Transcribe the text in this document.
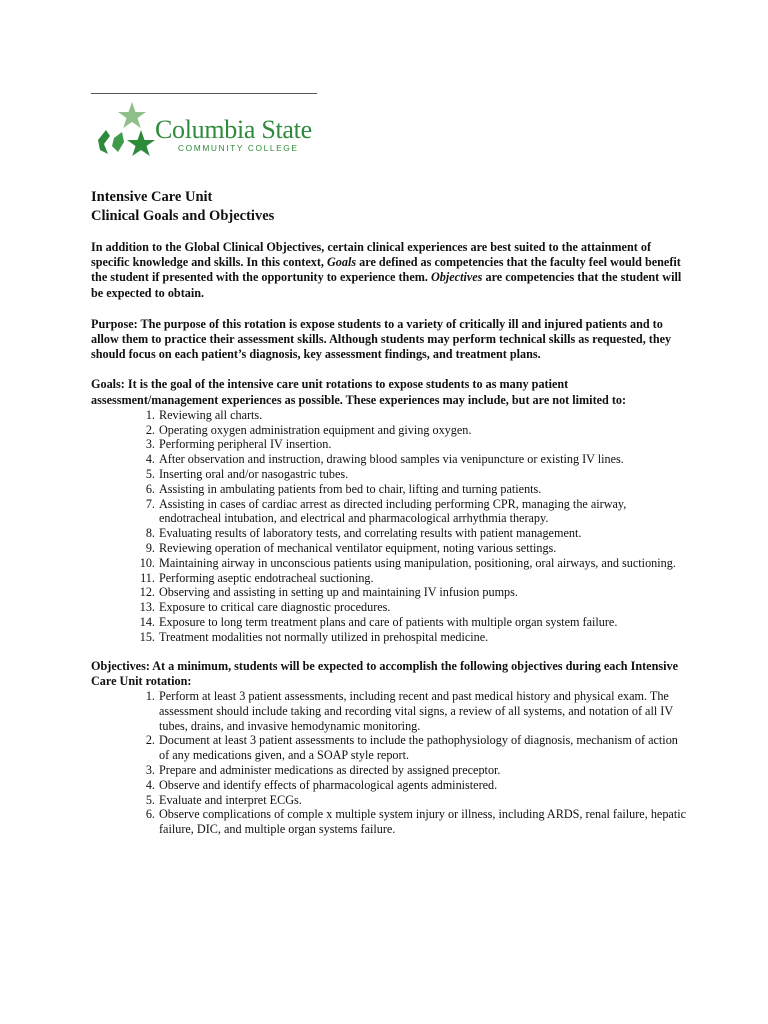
Columbia State
COMMUNITY COLLEGE
Intensive Care Unit
Clinical Goals and Objectives

In addition to the Global Clinical Objectives, certain clinical experiences are best suited to the attainment of specific knowledge and skills. In this context, Goals are defined as competencies that the faculty feel would benefit the student if presented with the opportunity to experience them. Objectives are competencies that the student will be expected to obtain.

Purpose: The purpose of this rotation is expose students to a variety of critically ill and injured patients and to allow them to practice their assessment skills. Although students may perform technical skills as requested, they should focus on each patient’s diagnosis, key assessment findings, and treatment plans.

Goals: It is the goal of the intensive care unit rotations to expose students to as many patient assessment/management experiences as possible. These experiences may include, but are not limited to:

1. Reviewing all charts.
2. Operating oxygen administration equipment and giving oxygen.
3. Performing peripheral IV insertion.
4. After observation and instruction, drawing blood samples via venipuncture or existing IV lines.
5. Inserting oral and/or nasogastric tubes.
6. Assisting in ambulating patients from bed to chair, lifting and turning patients.
7. Assisting in cases of cardiac arrest as directed including performing CPR, managing the airway, endotracheal intubation, and electrical and pharmacological arrhythmia therapy.
8. Evaluating results of laboratory tests, and correlating results with patient management.
9. Reviewing operation of mechanical ventilator equipment, noting various settings.
10. Maintaining airway in unconscious patients using manipulation, positioning, oral airways, and suctioning.
11. Performing aseptic endotracheal suctioning.
12. Observing and assisting in setting up and maintaining IV infusion pumps.
13. Exposure to critical care diagnostic procedures.
14. Exposure to long term treatment plans and care of patients with multiple organ system failure.
15. Treatment modalities not normally utilized in prehospital medicine.

Objectives: At a minimum, students will be expected to accomplish the following objectives during each Intensive Care Unit rotation:

1. Perform at least 3 patient assessments, including recent and past medical history and physical exam. The assessment should include taking and recording vital signs, a review of all systems, and notation of all IV tubes, drains, and invasive hemodynamic monitoring.
2. Document at least 3 patient assessments to include the pathophysiology of diagnosis, mechanism of action of any medications given, and a SOAP style report.
3. Prepare and administer medications as directed by assigned preceptor.
4. Observe and identify effects of pharmacological agents administered.
5. Evaluate and interpret ECGs.
6. Observe complications of comple x multiple system injury or illness, including ARDS, renal failure, hepatic failure, DIC, and multiple organ systems failure.
